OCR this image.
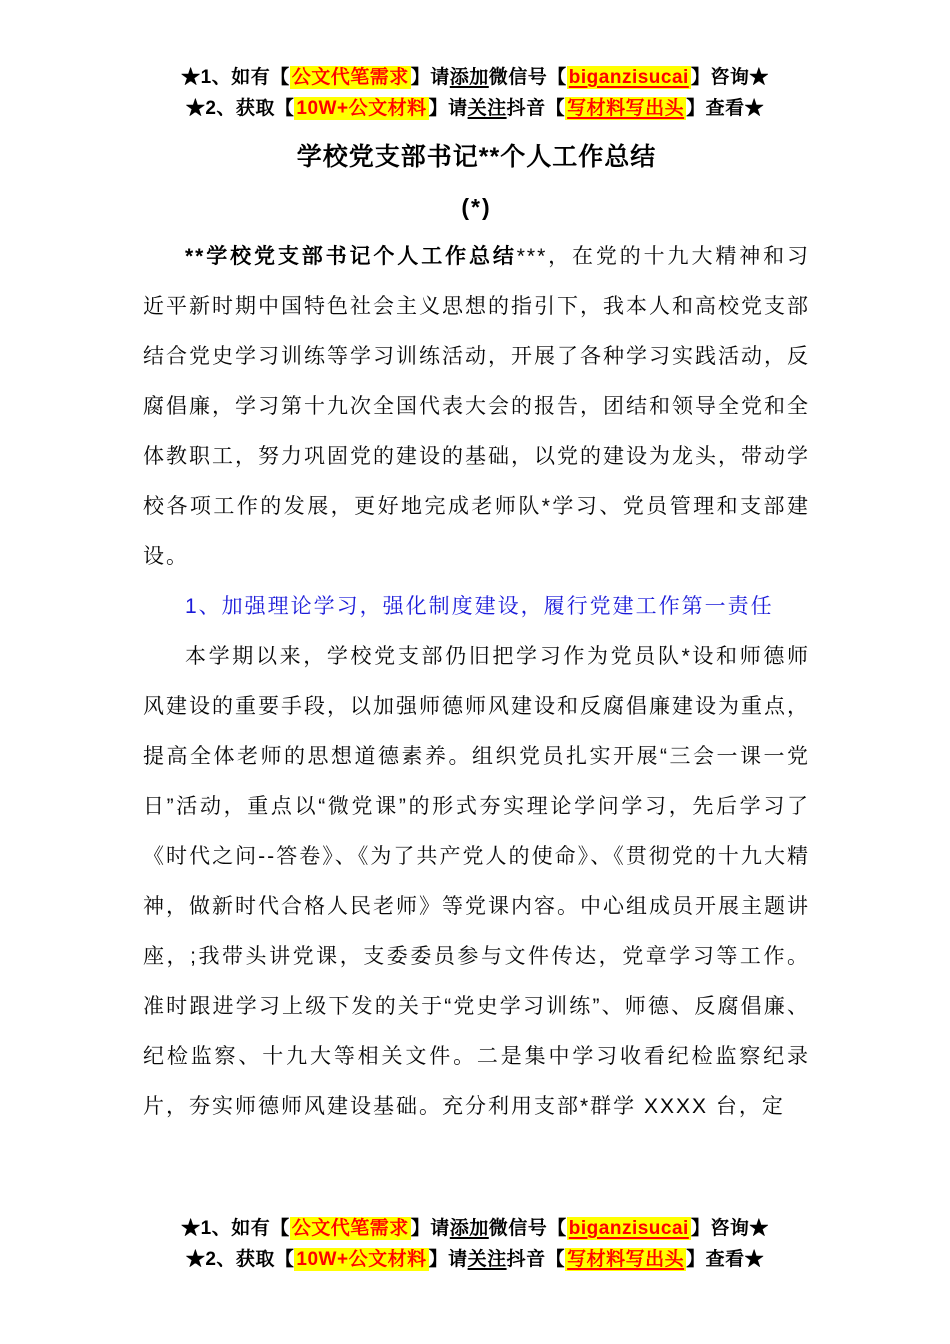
★1、如有【 公文代笔需求 】请添加微信号【 biganzisucai 】咨询★
★2、获取【 10W+公文材料 】请关注抖音【 写材料写出头 】查看★
学校党支部书记**个人工作总结
(*)

**学校党支部书记个人工作总结***，在党的十九大精神和习近平新时期中国特色社会主义思想的指引下，我本人和高校党支部结合党史学习训练等学习训练活动，开展了各种学习实践活动，反腐倡廉，学习第十九次全国代表大会的报告，团结和领导全党和全体教职工，努力巩固党的建设的基础，以党的建设为龙头，带动学校各项工作的发展，更好地完成老师队*学习、党员管理和支部建设。

1、加强理论学习，强化制度建设，履行党建工作第一责任

本学期以来，学校党支部仍旧把学习作为党员队*设和师德师风建设的重要手段，以加强师德师风建设和反腐倡廉建设为重点，提高全体老师的思想道德素养。组织党员扎实开展“三会一课一党日”活动，重点以“微党课”的形式夯实理论学问学习，先后学习了《时代之问--答卷》、《为了共产党人的使命》、《贯彻党的十九大精神，做新时代合格人民老师》等党课内容。中心组成员开展主题讲座，;我带头讲党课，支委委员参与文件传达，党章学习等工作。准时跟进学习上级下发的关于“党史学习训练”、师德、反腐倡廉、纪检监察、十九大等相关文件。二是集中学习收看纪检监察纪录片，夯实师德师风建设基础。充分利用支部*群学 XXXX 台，定

★1、如有【 公文代笔需求 】请添加微信号【 biganzisucai 】咨询★
★2、获取【 10W+公文材料 】请关注抖音【 写材料写出头 】查看★
